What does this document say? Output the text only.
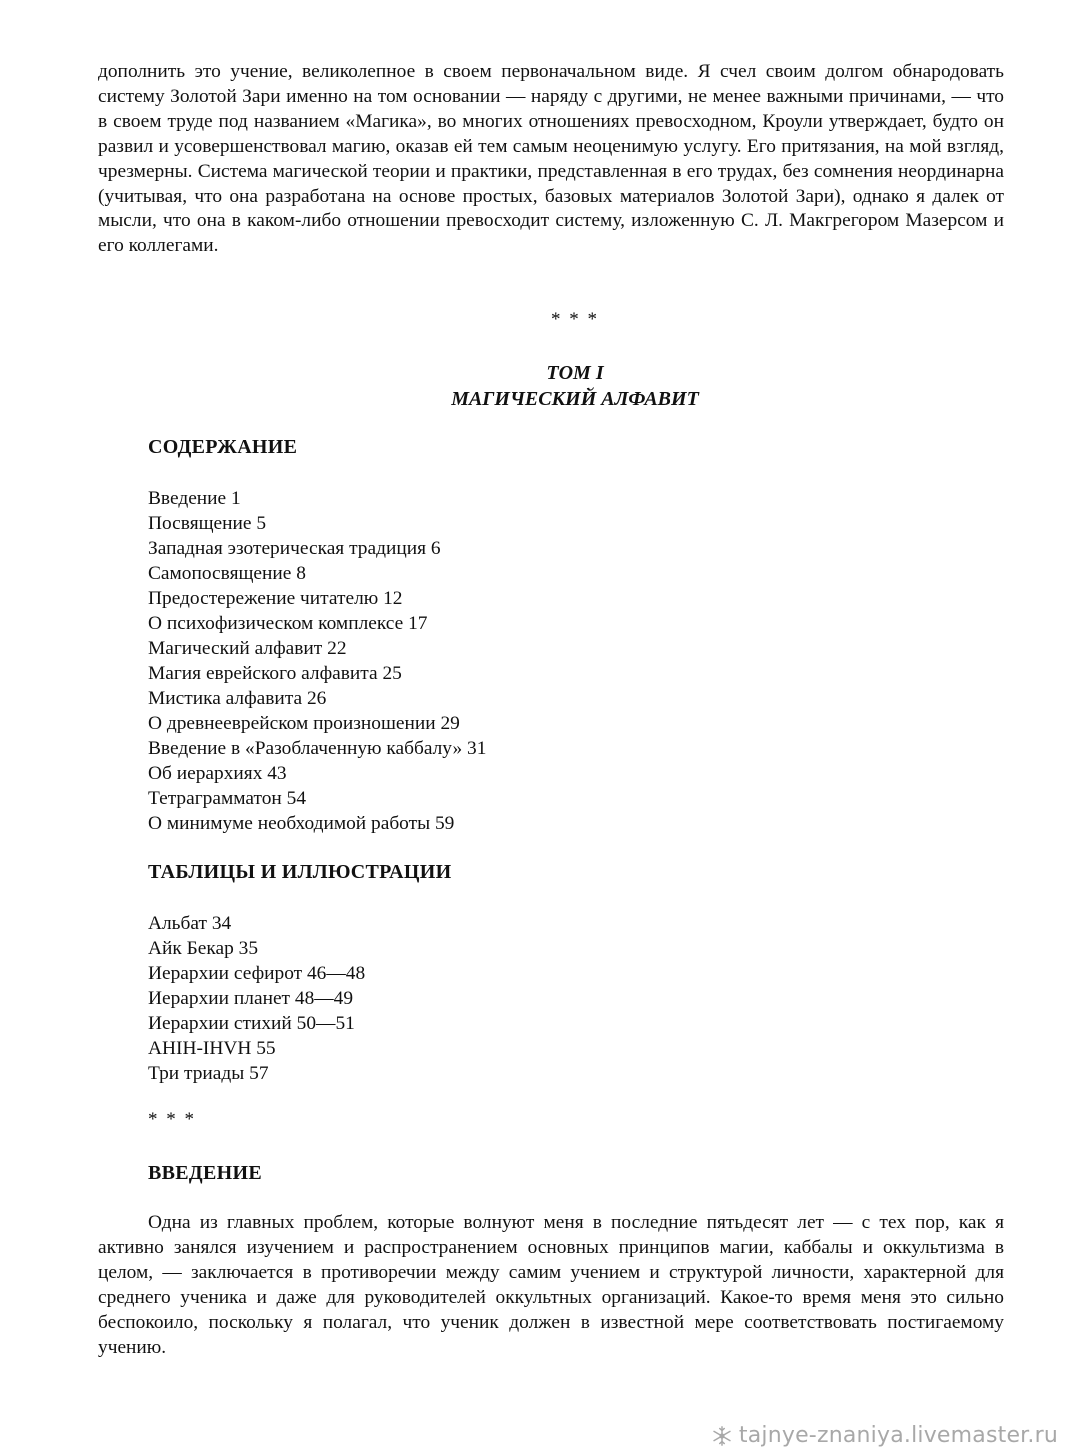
дополнить это учение, великолепное в своем первоначальном виде. Я счел своим долгом обнародовать систему Золотой Зари именно на том основании — наряду с другими, не менее важными причинами, — что в своем труде под названием «Магика», во многих отношениях превосходном, Кроули утверждает, будто он развил и усовершенствовал магию, оказав ей тем самым неоценимую услугу. Его притязания, на мой взгляд, чрезмерны. Система магической теории и практики, представленная в его трудах, без сомнения неординарна (учитывая, что она разработана на основе простых, базовых материалов Золотой Зари), однако я далек от мысли, что она в каком-либо отношении превосходит систему, изложенную С. Л. Макгрегором Мазерсом и его коллегами.
* * *
ТОМ I
МАГИЧЕСКИЙ АЛФАВИТ
СОДЕРЖАНИЕ
Введение 1
Посвящение 5
Западная эзотерическая традиция 6
Самопосвящение 8
Предостережение читателю 12
О психофизическом комплексе 17
Магический алфавит 22
Магия еврейского алфавита 25
Мистика алфавита 26
О древнееврейском произношении 29
Введение в «Разоблаченную каббалу» 31
Об иерархиях 43
Тетраграмматон 54
О минимуме необходимой работы 59
ТАБЛИЦЫ И ИЛЛЮСТРАЦИИ
Альбат 34
Айк Бекар 35
Иерархии сефирот 46—48
Иерархии планет 48—49
Иерархии стихий 50—51
AHIH-IHVH 55
Три триады 57
* * *
ВВЕДЕНИЕ
Одна из главных проблем, которые волнуют меня в последние пятьдесят лет — с тех пор, как я активно занялся изучением и распространением основных принципов магии, каббалы и оккультизма в целом, — заключается в противоречии между самим учением и структурой личности, характерной для среднего ученика и даже для руководителей оккультных организаций. Какое-то время меня это сильно беспокоило, поскольку я полагал, что ученик должен в известной мере соответствовать постигаемому учению.
tajnye-znaniya.livemaster.ru
